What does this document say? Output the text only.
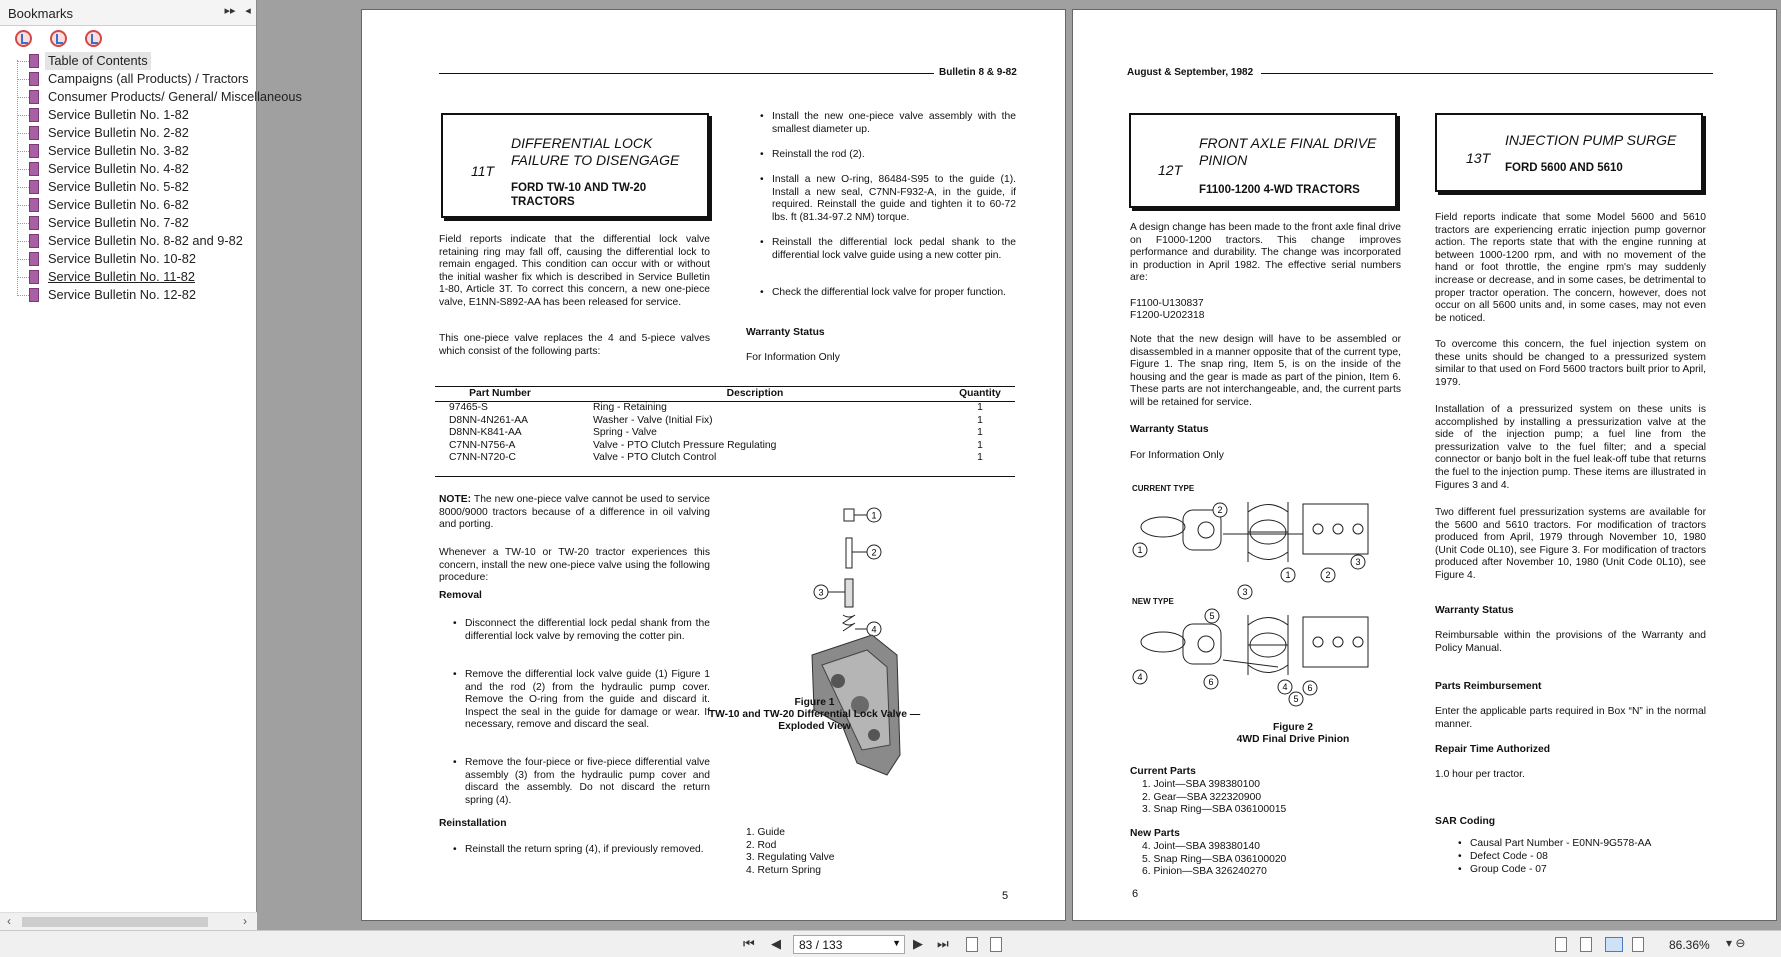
Bookmarks	▸▸ ◂
Table of Contents
Campaigns (all Products) / Tractors
Consumer Products/ General/ Miscellaneous
Service Bulletin No. 1-82
Service Bulletin No. 2-82
Service Bulletin No. 3-82
Service Bulletin No. 4-82
Service Bulletin No. 5-82
Service Bulletin No. 6-82
Service Bulletin No. 7-82
Service Bulletin No. 8-82 and 9-82
Service Bulletin No. 10-82
Service Bulletin No. 11-82
Service Bulletin No. 12-82
‹	›
Bulletin 8 & 9-82
11T
DIFFERENTIAL LOCK
FAILURE TO DISENGAGE
FORD TW-10 AND TW-20
TRACTORS
Field reports indicate that the differential lock valve retaining ring may fall off, causing the differential lock to remain engaged. This condition can occur with or without the initial washer fix which is described in Service Bulletin 1-80, Article 3T. To correct this concern, a new one-piece valve, E1NN-S892-AA has been released for service.
This one-piece valve replaces the 4 and 5-piece valves which consist of the following parts:
• Install the new one-piece valve assembly with the smallest diameter up.
• Reinstall the rod (2).
• Install a new O-ring, 86484-S95 to the guide (1). Install a new seal, C7NN-F932-A, in the guide, if required. Reinstall the guide and tighten it to 60-72 lbs. ft (81.34-97.2 NM) torque.
• Reinstall the differential lock pedal shank to the differential lock valve guide using a new cotter pin.
• Check the differential lock valve for proper function.
Warranty Status
For Information Only
Part Number	Description	Quantity
97465-S	Ring - Retaining	1
D8NN-4N261-AA	Washer - Valve (Initial Fix)	1
D8NN-K841-AA	Spring - Valve	1
C7NN-N756-A	Valve - PTO Clutch Pressure Regulating	1
C7NN-N720-C	Valve - PTO Clutch Control	1
NOTE: The new one-piece valve cannot be used to service 8000/9000 tractors because of a difference in oil valving and porting.
Whenever a TW-10 or TW-20 tractor experiences this concern, install the new one-piece valve using the following procedure:
Removal
• Disconnect the differential lock pedal shank from the differential lock valve by removing the cotter pin.
• Remove the differential lock valve guide (1) Figure 1 and the rod (2) from the hydraulic pump cover. Remove the O-ring from the guide and discard it. Inspect the seal in the guide for damage or wear. If necessary, remove and discard the seal.
• Remove the four-piece or five-piece differential valve assembly (3) from the hydraulic pump cover and discard the assembly. Do not discard the return spring (4).
Reinstallation
• Reinstall the return spring (4), if previously removed.
1
2
3
4
Figure 1
TW-10 and TW-20 Differential Lock Valve —
Exploded View
1. Guide
2. Rod
3. Regulating Valve
4. Return Spring
5
August & September, 1982
12T
FRONT AXLE FINAL DRIVE
PINION
F1100-1200 4-WD TRACTORS
13T
INJECTION PUMP SURGE
FORD 5600 AND 5610
A design change has been made to the front axle final drive on F1000-1200 tractors. This change improves performance and durability. The change was incorporated in production in April 1982. The effective serial numbers are:
F1100-U130837
F1200-U202318
Note that the new design will have to be assembled or disassembled in a manner opposite that of the current type, Figure 1. The snap ring, Item 5, is on the inside of the housing and the gear is made as part of the pinion, Item 6. These parts are not interchangeable, and, the current parts will be retained for service.
Warranty Status
For Information Only
CURRENT TYPE
NEW TYPE
1
2
3
1	2
3
4
5
6	4
5
6
Figure 2
4WD Final Drive Pinion
Current Parts
1. Joint—SBA 398380100
2. Gear—SBA 322320900
3. Snap Ring—SBA 036100015
New Parts
4. Joint—SBA 398380140
5. Snap Ring—SBA 036100020
6. Pinion—SBA 326240270
6
Field reports indicate that some Model 5600 and 5610 tractors are experiencing erratic injection pump governor action. The reports state that with the engine running at between 1000-1200 rpm, and with no movement of the hand or foot throttle, the engine rpm's may suddenly increase or decrease, and in some cases, be detrimental to proper tractor operation. The concern, however, does not occur on all 5600 units and, in some cases, may not even be noticed.
To overcome this concern, the fuel injection system on these units should be changed to a pressurized system similar to that used on Ford 5600 tractors built prior to April, 1979.
Installation of a pressurized system on these units is accomplished by installing a pressurization valve at the side of the injection pump; a fuel line from the pressurization valve to the fuel filter; and a special connector or banjo bolt in the fuel leak-off tube that returns the fuel to the injection pump. These items are illustrated in Figures 3 and 4.
Two different fuel pressurization systems are available for the 5600 and 5610 tractors. For modification of tractors produced from April, 1979 through November 10, 1980 (Unit Code 0L10), see Figure 3. For modification of tractors produced after November 10, 1980 (Unit Code 0L10), see Figure 4.
Warranty Status
Reimbursable within the provisions of the Warranty and Policy Manual.
Parts Reimbursement
Enter the applicable parts required in Box “N” in the normal manner.
Repair Time Authorized
1.0 hour per tractor.
SAR Coding
• Causal Part Number - E0NN-9G578-AA
• Defect Code - 08
• Group Code - 07
⏮ ◀	83 / 133	▼ ▶ ⏭	86.36% ▾ ⊖
